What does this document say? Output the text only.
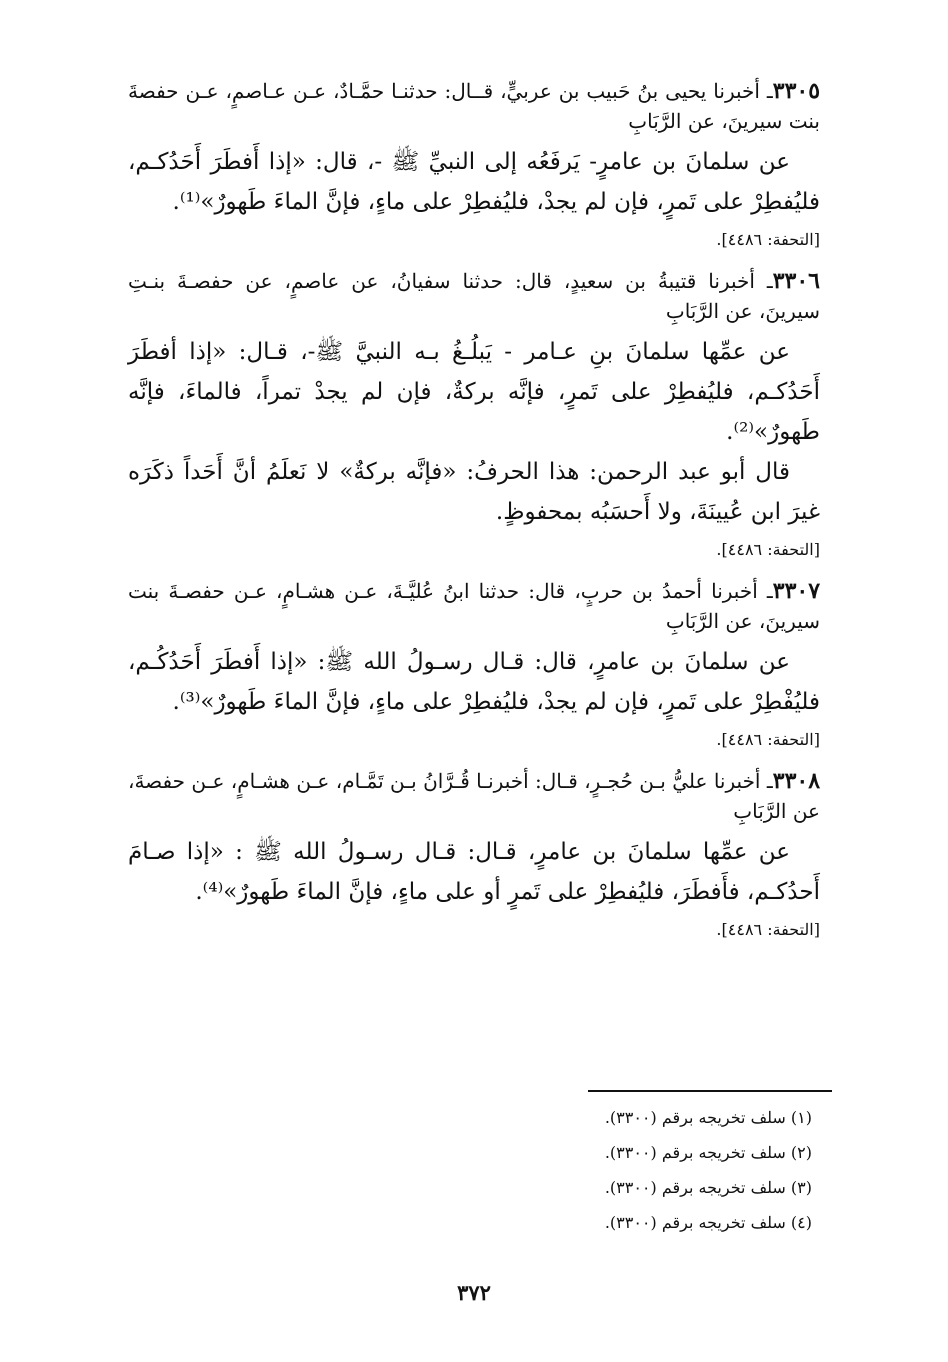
٣٣٠٥ـ أخبرنا يحيى بنُ حَبيب بن عربيٍّ، قــال: حدثنـا حمَّـادٌ، عـن عـاصمٍ، عـن حفصةَ بنت سيرينَ، عن الرَّبَابِ

عن سلمانَ بن عامرٍ- يَرفَعُه إلى النبيِّ ﷺ -، قال: «إذا أَفطَرَ أَحَدُكـم، فليُفطِرْ على تَمرٍ، فإن لم يجدْ، فليُفطِرْ على ماءٍ، فإنَّ الماءَ طَهورٌ»⁽¹⁾.

[التحفة: ٤٤٨٦].

٣٣٠٦ـ أخبرنا قتيبةُ بن سعيدٍ، قال: حدثنا سفيانُ، عن عاصمٍ، عن حفصـةَ بنـتِ سيرينَ، عن الرَّبَابِ

عن عمِّها سلمانَ بنِ عـامر - يَبلُـغُ بـه النبيَّ ﷺ-، قـال: «إذا أفطَرَ أَحَدُكـم، فليُفطِرْ على تَمرٍ، فإنَّه بركةٌ، فإن لم يجدْ تمراً، فالماءَ، فإنَّه طَهورٌ»⁽²⁾.

قال أبو عبد الرحمن: هذا الحرفُ: «فإنَّه بركةٌ» لا نَعلَمُ أنَّ أَحَداً ذكَرَه غيرَ ابن عُيينَةَ، ولا أَحسَبُه بمحفوظٍ.

[التحفة: ٤٤٨٦].

٣٣٠٧ـ أخبرنا أحمدُ بن حربٍ، قال: حدثنا ابنُ عُليَّـةَ، عـن هشـامٍ، عـن حفصـةَ بنت سيرينَ، عن الرَّبَابِ

عن سلمانَ بن عامرٍ، قال: قـال رسـولُ الله ﷺ: «إذا أَفطَرَ أَحَدُكُـم، فليُفْطِرْ على تَمرٍ، فإن لم يجدْ، فليُفطِرْ على ماءٍ، فإنَّ الماءَ طَهورٌ»⁽³⁾.

[التحفة: ٤٤٨٦].

٣٣٠٨ـ أخبرنا عليُّ بـن حُجـرٍ، قـال: أخبرنـا قُـرَّانُ بـن تَمَّـام، عـن هشـامٍ، عـن حفصةَ، عن الرَّبَابِ

عن عمِّها سلمانَ بن عامرٍ، قـال: قـال رسـولُ الله ﷺ : «إذا صـامَ أَحدُكـم، فأَفطَرَ، فليُفطِرْ على تَمرٍ أو على ماءٍ، فإنَّ الماءَ طَهورٌ»⁽⁴⁾.

[التحفة: ٤٤٨٦].

(١) سلف تخريجه برقم (٣٣٠٠).
(٢) سلف تخريجه برقم (٣٣٠٠).
(٣) سلف تخريجه برقم (٣٣٠٠).
(٤) سلف تخريجه برقم (٣٣٠٠).
٣٧٢
